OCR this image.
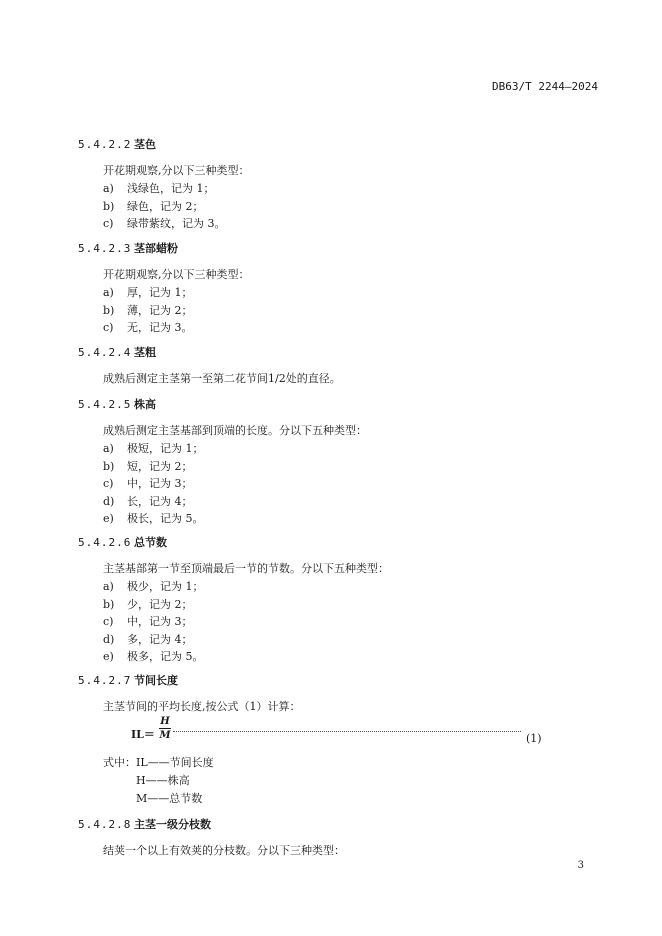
DB63/T 2244—2024
5.4.2.2 茎色
开花期观察,分以下三种类型：
a) 浅绿色，记为 1；
b) 绿色，记为 2；
c) 绿带紫纹，记为 3。
5.4.2.3 茎部蜡粉
开花期观察,分以下三种类型：
a) 厚，记为 1；
b) 薄，记为 2；
c) 无，记为 3。
5.4.2.4 茎粗
成熟后测定主茎第一至第二花节间1/2处的直径。
5.4.2.5 株高
成熟后测定主茎基部到顶端的长度。分以下五种类型：
a) 极短，记为 1；
b) 短，记为 2；
c) 中，记为 3；
d) 长，记为 4；
e) 极长，记为 5。
5.4.2.6 总节数
主茎基部第一节至顶端最后一节的节数。分以下五种类型：
a) 极少，记为 1；
b) 少，记为 2；
c) 中，记为 3；
d) 多，记为 4；
e) 极多，记为 5。
5.4.2.7 节间长度
主茎节间的平均长度,按公式（1）计算：
IL＝
H
M	(1)
式中：IL——节间长度
H——株高
M——总节数
5.4.2.8 主茎一级分枝数
结荚一个以上有效荚的分枝数。分以下三种类型：
3
